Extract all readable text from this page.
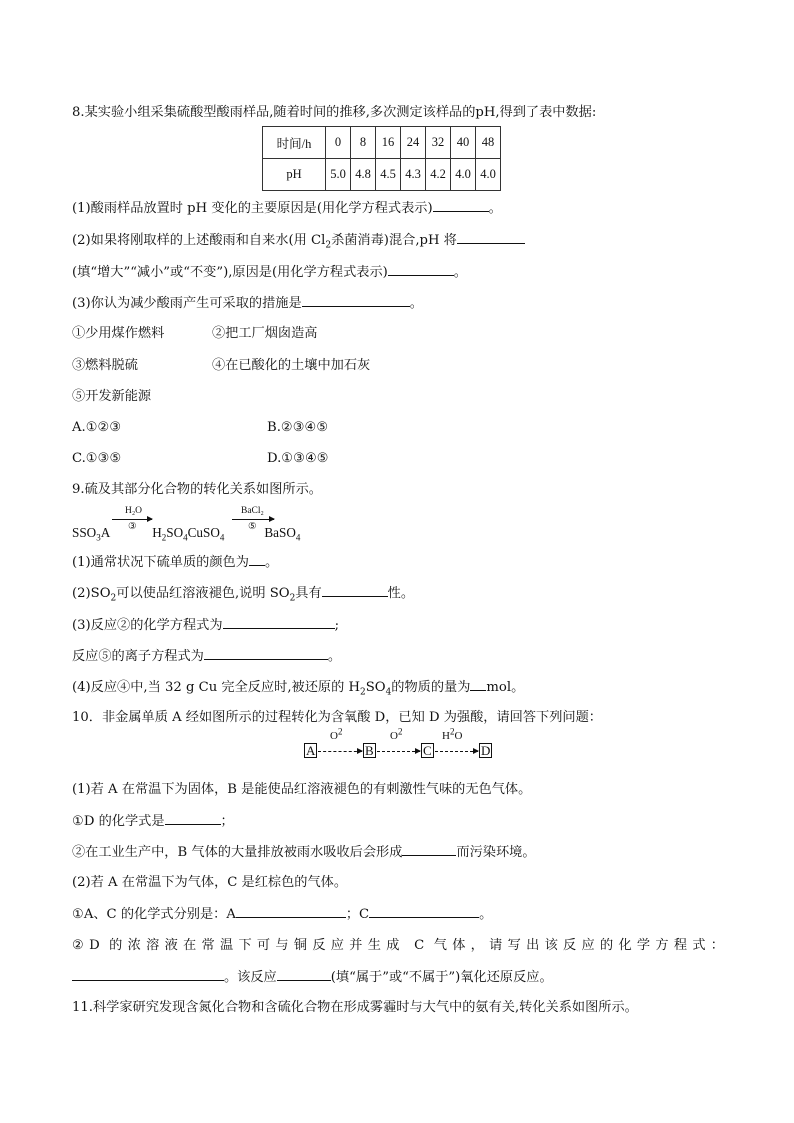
8.某实验小组采集硫酸型酸雨样品,随着时间的推移,多次测定该样品的pH,得到了表中数据:
时间/h	0	8	16	24	32	40	48
pH	5.0	4.8	4.5	4.3	4.2	4.0	4.0
(1)酸雨样品放置时 pH 变化的主要原因是(用化学方程式表示)	。
(2)如果将刚取样的上述酸雨和自来水(用 $Cl_2$杀菌消毒)混合,pH 将
(填“增大”“减小”或“不变”),原因是(用化学方程式表示)	。
(3)你认为减少酸雨产生可采取的措施是	。
①少用煤作燃料	②把工厂烟囱造高
③燃料脱硫	④在已酸化的土壤中加石灰
⑤开发新能源
A.①②③	B.②③④⑤
C.①③⑤	D.①③④⑤
9.硫及其部分化合物的转化关系如图所示。
H₂O
③
BaCl₂
⑤
$SSO_3A$	$H_2SO_4CuSO_4$	BaSO$_4$
(1)通常状况下硫单质的颜色为 。
$(2)SO_2$可以使品红溶液褪色,说明 $SO_2$具有	性。
(3)反应②的化学方程式为	;
反应⑤的离子方程式为	。
(4)反应④中,当 32 g Cu 完全反应时,被还原的 $H_2SO_4$的物质的量为 mol。
10．非金属单质 A 经如图所示的过程转化为含氧酸 D，已知 D 为强酸，请回答下列问题：
$O^2$	$O^2$	$H^2O$
A → B → C → D
(1)若 A 在常温下为固体，B 是能使品红溶液褪色的有刺激性气味的无色气体。
①D 的化学式是	；
②在工业生产中，B 气体的大量排放被雨水吸收后会形成	而污染环境。
(2)若 A 在常温下为气体，C 是红棕色的气体。
①A、C 的化学式分别是：A	；C	。
②D 的浓溶液在常温下可与铜反应并生成 C 气体，请写出该反应的化学方程式：
。该反应	(填“属于”或“不属于”)氧化还原反应。
11.科学家研究发现含氮化合物和含硫化合物在形成雾霾时与大气中的氨有关,转化关系如图所示。
